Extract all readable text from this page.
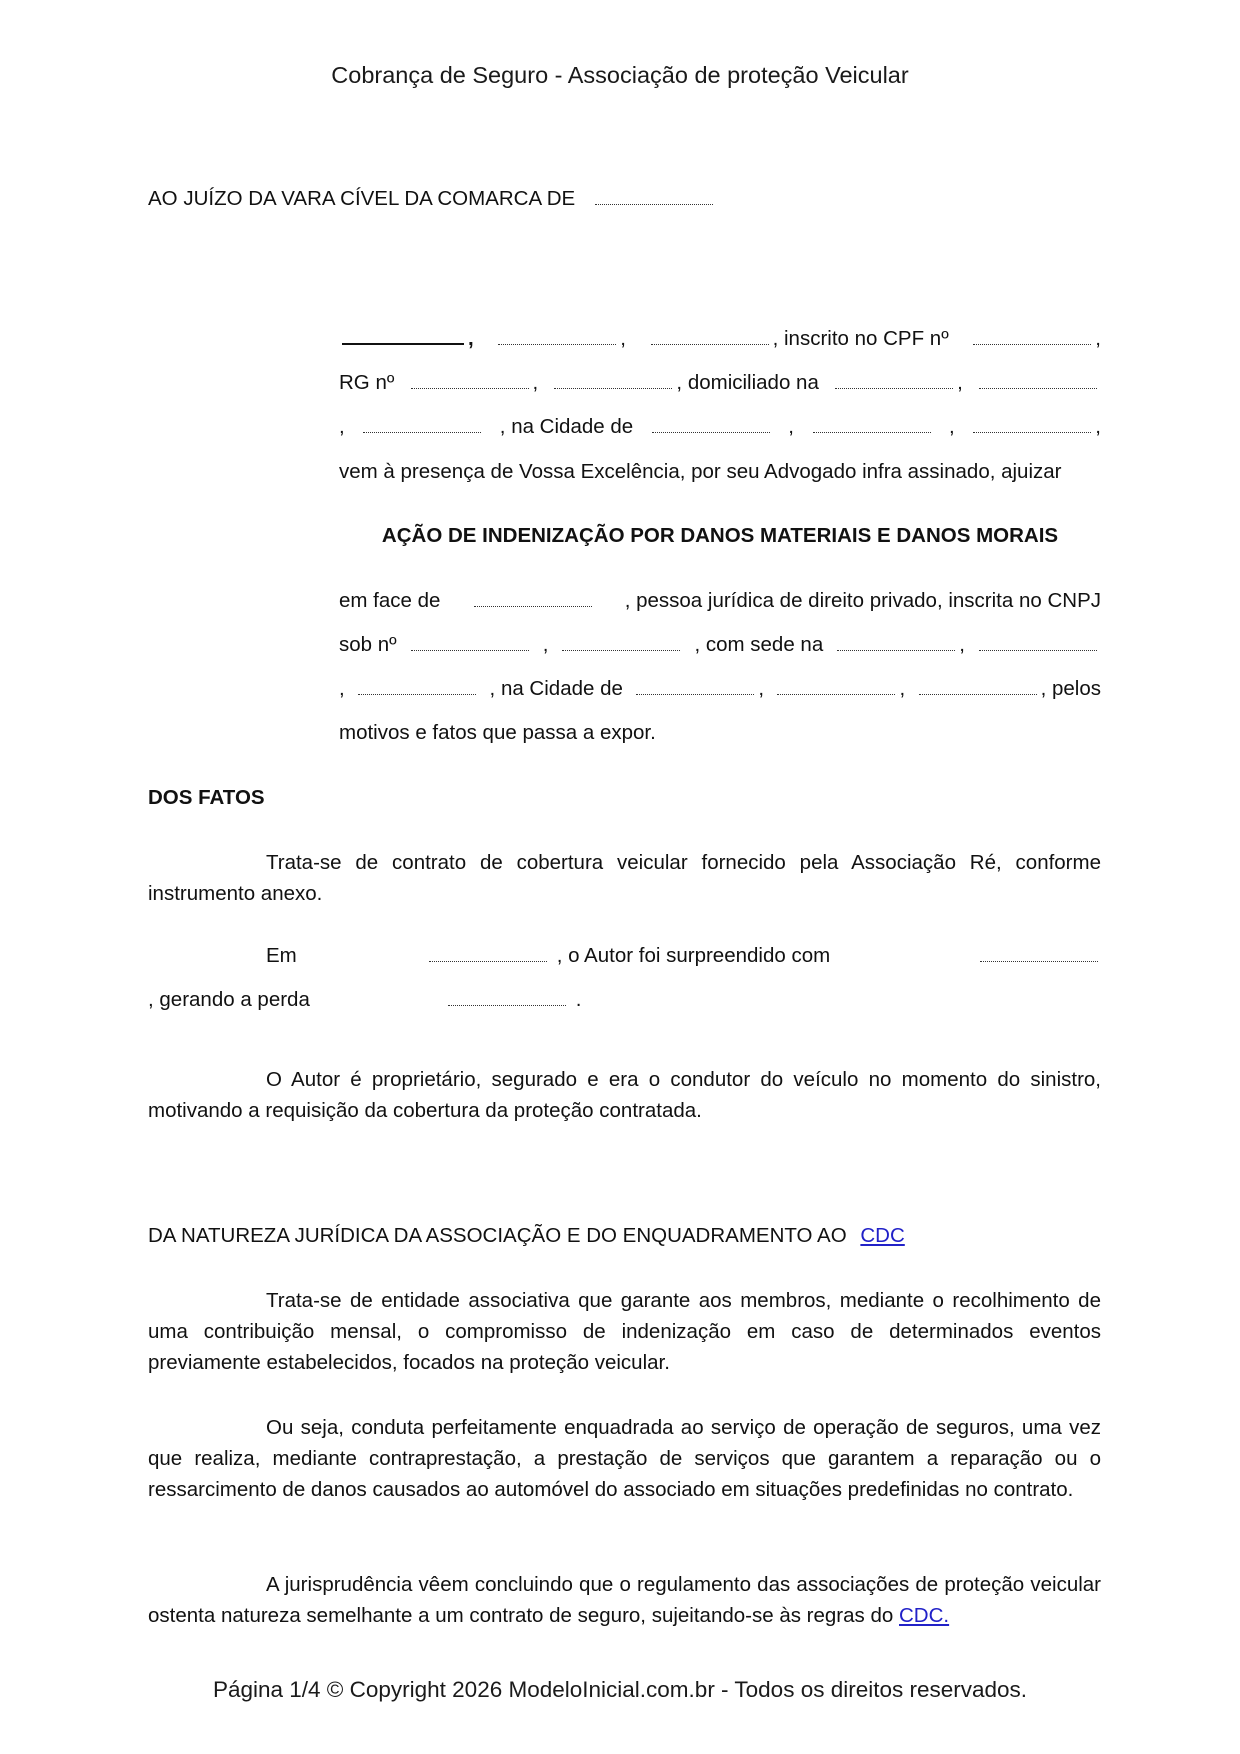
Cobrança de Seguro - Associação de proteção Veicular
AO JUÍZO DA VARA CÍVEL DA COMARCA DE
,	,	, inscrito no CPF nº	,
RG nº	,	, domiciliado na	,
,	, na Cidade de	,	,	,
vem à presença de Vossa Excelência, por seu Advogado infra assinado, ajuizar
AÇÃO DE INDENIZAÇÃO POR DANOS MATERIAIS E DANOS MORAIS
em face de	, pessoa jurídica de direito privado, inscrita no CNPJ
sob nº	,	, com sede na	,
,	, na Cidade de	,	,	, pelos
motivos e fatos que passa a expor.
DOS FATOS
Trata-se de contrato de cobertura veicular fornecido pela Associação Ré, conforme instrumento anexo.
Em	, o Autor foi surpreendido com
, gerando a perda	.
O Autor é proprietário, segurado e era o condutor do veículo no momento do sinistro, motivando a requisição da cobertura da proteção contratada.
DA NATUREZA JURÍDICA DA ASSOCIAÇÃO E DO ENQUADRAMENTO AO CDC
Trata-se de entidade associativa que garante aos membros, mediante o recolhimento de uma contribuição mensal, o compromisso de indenização em caso de determinados eventos previamente estabelecidos, focados na proteção veicular.
Ou seja, conduta perfeitamente enquadrada ao serviço de operação de seguros, uma vez que realiza, mediante contraprestação, a prestação de serviços que garantem a reparação ou o ressarcimento de danos causados ao automóvel do associado em situações predefinidas no contrato.
A jurisprudência vêem concluindo que o regulamento das associações de proteção veicular ostenta natureza semelhante a um contrato de seguro, sujeitando-se às regras do CDC.
Página 1/4 © Copyright 2026 ModeloInicial.com.br - Todos os direitos reservados.
